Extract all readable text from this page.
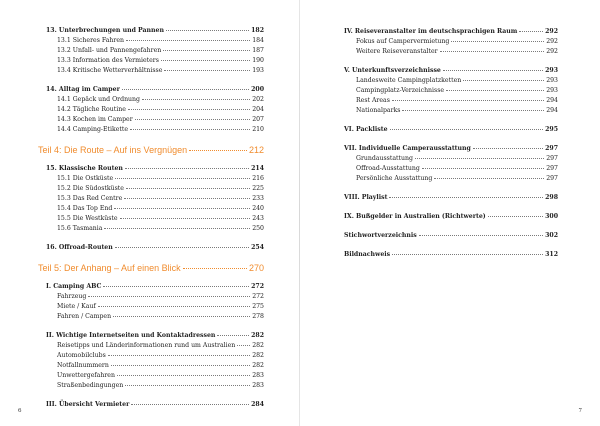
13. Unterbrechungen und Pannen	182
13.1 Sicheres Fahren	184
13.2 Unfall- und Pannengefahren	187
13.3 Information des Vermieters	190
13.4 Kritische Wetterverhältnisse	193
14. Alltag im Camper	200
14.1 Gepäck und Ordnung	202
14.2 Tägliche Routine	204
14.3 Kochen im Camper	207
14.4 Camping-Etikette	210
Teil 4: Die Route – Auf ins Vergnügen	212
15. Klassische Routen	214
15.1 Die Ostküste	216
15.2 Die Südostküste	225
15.3 Das Red Centre	233
15.4 Das Top End	240
15.5 Die Westküste	243
15.6 Tasmania	250
16. Offroad-Routen	254
Teil 5: Der Anhang – Auf einen Blick	270
I. Camping ABC	272
Fahrzeug	272
Miete / Kauf	275
Fahren / Campen	278
II. Wichtige Internetseiten und Kontaktadressen	282
Reisetipps und Länderinformationen rund um Australien	282
Automobilclubs	282
Notfallnummern	282
Unwettergefahren	283
Straßenbedingungen	283
III. Übersicht Vermieter	284
6
IV. Reiseveranstalter im deutschsprachigen Raum	292
Fokus auf Campervermietung	292
Weitere Reiseveranstalter	292
V. Unterkunftsverzeichnisse	293
Landesweite Campingplatzketten	293
Campingplatz-Verzeichnisse	293
Rest Areas	294
Nationalparks	294
VI. Packliste	295
VII. Individuelle Camperausstattung	297
Grundausstattung	297
Offroad-Ausstattung	297
Persönliche Ausstattung	297
VIII. Playlist	298
IX. Bußgelder in Australien (Richtwerte)	300
Stichwortverzeichnis	302
Bildnachweis	312
7
